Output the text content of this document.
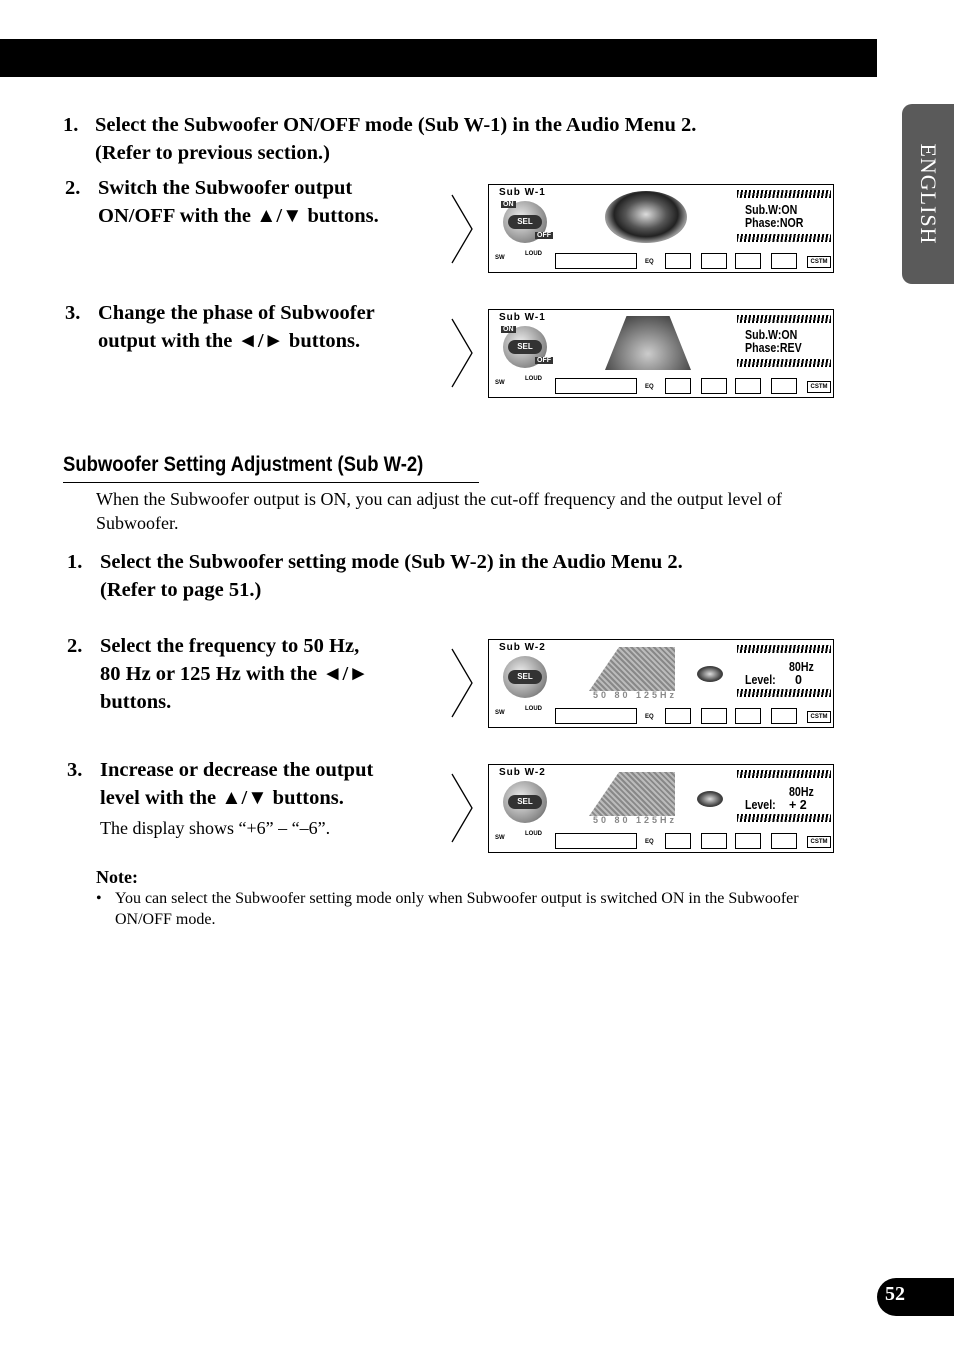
ENGLISH
52
1. Select the Subwoofer ON/OFF mode (Sub W-1) in the Audio Menu 2.
(Refer to previous section.)
2. Switch the Subwoofer output
ON/OFF with the ▲/▼ buttons.
3. Change the phase of Subwoofer
output with the ◄/► buttons.
Subwoofer Setting Adjustment (Sub W-2)
When the Subwoofer output is ON, you can adjust the cut-off frequency and the output level of Subwoofer.
1. Select the Subwoofer setting mode (Sub W-2) in the Audio Menu 2.
(Refer to page 51.)
2. Select the frequency to 50 Hz,
80 Hz or 125 Hz with the ◄/►
buttons.
3. Increase or decrease the output
level with the ▲/▼ buttons.
The display shows “+6” – “–6”.
Note:
• You can select the Subwoofer setting mode only when Subwoofer output is switched ON in the Subwoofer ON/OFF mode.
Sub W-1
SEL
ON
OFF
Sub.W:ON
Phase:NOR
SW
LOUD
EQ	CSTM
Sub W-1
SEL
ON
OFF
Sub.W:ON
Phase:REV
SW
LOUD
EQ	CSTM
Sub W-2
SEL
50 80 125Hz
80Hz
Level: 0
SW
LOUD
EQ	CSTM
Sub W-2
SEL
50 80 125Hz
80Hz
Level: + 2
SW
LOUD
EQ	CSTM
